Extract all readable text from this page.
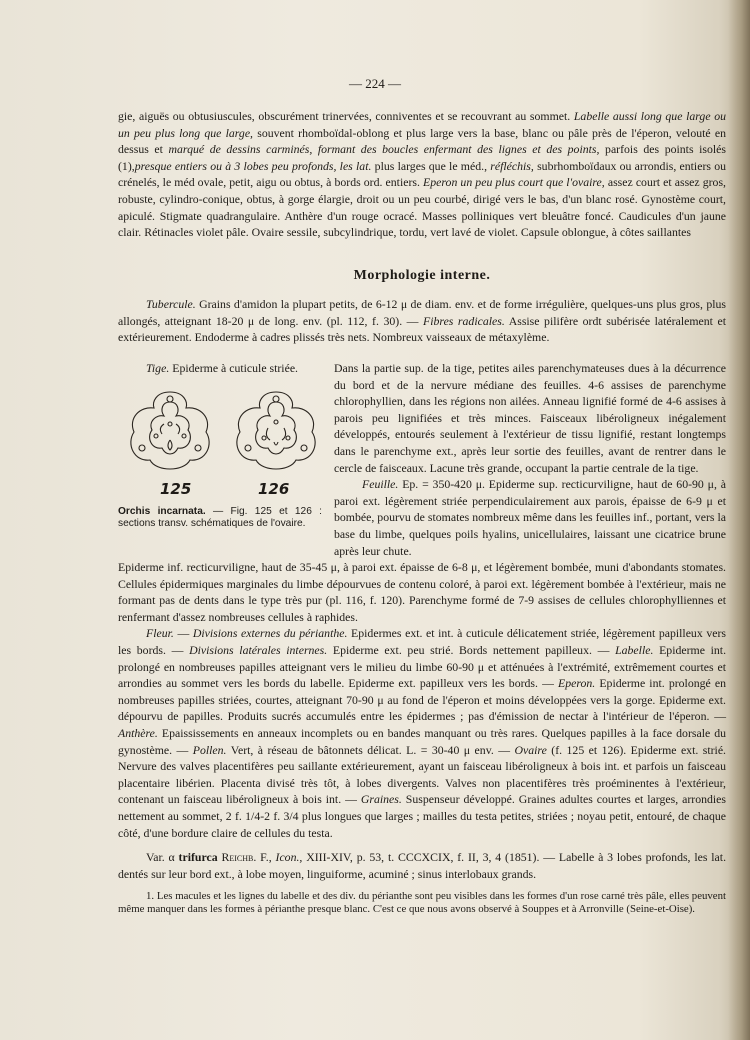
— 224 —

gie, aiguës ou obtusiuscules, obscurément trinervées, conniventes et se recouvrant au sommet. Labelle aussi long que large ou un peu plus long que large, souvent rhomboïdal-oblong et plus large vers la base, blanc ou pâle près de l'éperon, velouté en dessus et marqué de dessins carminés, formant des boucles enfermant des lignes et des points, parfois des points isolés (1),presque entiers ou à 3 lobes peu profonds, les lat. plus larges que le méd., réfléchis, subrhomboïdaux ou arrondis, entiers ou crénelés, le méd ovale, petit, aigu ou obtus, à bords ord. entiers. Eperon un peu plus court que l'ovaire, assez court et assez gros, robuste, cylindro-conique, obtus, à gorge élargie, droit ou un peu courbé, dirigé vers le bas, d'un blanc rosé. Gynostème court, apiculé. Stigmate quadrangulaire. Anthère d'un rouge ocracé. Masses polliniques vert bleuâtre foncé. Caudicules d'un jaune clair. Rétinacles violet pâle. Ovaire sessile, subcylindrique, tordu, vert lavé de violet. Capsule oblongue, à côtes saillantes

Morphologie interne.

Tubercule. Grains d'amidon la plupart petits, de 6-12 μ de diam. env. et de forme irrégulière, quelques-uns plus gros, plus allongés, atteignant 18-20 μ de long. env. (pl. 112, f. 30). — Fibres radicales. Assise pilifère ordt subérisée latéralement et extérieurement. Endoderme à cadres plissés très nets. Nombreux vaisseaux de métaxylème.

Tige. Epiderme à cuticule striée.
125	126
Orchis incarnata. — Fig. 125 et 126 : sections transv. schématiques de l'ovaire.

Dans la partie sup. de la tige, petites ailes parenchymateuses dues à la décurrence du bord et de la nervure médiane des feuilles. 4-6 assises de parenchyme chlorophyllien, dans les régions non ailées. Anneau lignifié formé de 4-6 assises à parois peu lignifiées et très minces. Faisceaux libéroligneux inégalement développés, entourés seulement à l'extérieur de tissu lignifié, restant longtemps dans le parenchyme ext., après leur sortie des feuilles, avant de rentrer dans le cercle de faisceaux. Lacune très grande, occupant la partie centrale de la tige.

Feuille. Ep. = 350-420 μ. Epiderme sup. recticurviligne, haut de 60-90 μ, à paroi ext. légèrement striée perpendiculairement aux parois, épaisse de 6-9 μ et bombée, pourvu de stomates nombreux même dans les feuilles inf., portant, vers la base du limbe, quelques poils hyalins, unicellulaires, laissant une cicatrice brune après leur chute.

Epiderme inf. recticurviligne, haut de 35-45 μ, à paroi ext. épaisse de 6-8 μ, et légèrement bombée, muni d'abondants stomates. Cellules épidermiques marginales du limbe dépourvues de contenu coloré, à paroi ext. légèrement bombée à l'extérieur, mais ne formant pas de dents dans le type très pur (pl. 116, f. 120). Parenchyme formé de 7-9 assises de cellules chlorophylliennes et renfermant d'assez nombreuses cellules à raphides.

Fleur. — Divisions externes du périanthe. Epidermes ext. et int. à cuticule délicatement striée, légèrement papilleux vers les bords. — Divisions latérales internes. Epiderme ext. peu strié. Bords nettement papilleux. — Labelle. Epiderme int. prolongé en nombreuses papilles atteignant vers le milieu du limbe 60-90 μ et atténuées à l'extrémité, extrêmement courtes et arrondies au sommet vers les bords du labelle. Epiderme ext. papilleux vers les bords. — Eperon. Epiderme int. prolongé en nombreuses papilles striées, courtes, atteignant 70-90 μ au fond de l'éperon et moins développées vers la gorge. Epiderme ext. dépourvu de papilles. Produits sucrés accumulés entre les épidermes ; pas d'émission de nectar à l'intérieur de l'éperon. — Anthère. Epaississements en anneaux incomplets ou en bandes manquant ou très rares. Quelques papilles à la face dorsale du gynostème. — Pollen. Vert, à réseau de bâtonnets délicat. L. = 30-40 μ env. — Ovaire (f. 125 et 126). Epiderme ext. strié. Nervure des valves placentifères peu saillante extérieurement, ayant un faisceau libéroligneux à bois int. et parfois un faisceau placentaire libérien. Placenta divisé très tôt, à lobes divergents. Valves non placentifères très proéminentes à l'extérieur, contenant un faisceau libéroligneux à bois int. — Graines. Suspenseur développé. Graines adultes courtes et larges, arrondies nettement au sommet, 2 f. 1/4-2 f. 3/4 plus longues que larges ; mailles du testa petites, striées ; noyau petit, entouré, de chaque côté, d'une bordure claire de cellules du testa.

Var. α trifurca Reichb. F., Icon., XIII-XIV, p. 53, t. CCCXCIX, f. II, 3, 4 (1851). — Labelle à 3 lobes profonds, les lat. dentés sur leur bord ext., à lobe moyen, linguiforme, acuminé ; sinus interlobaux grands.

1. Les macules et les lignes du labelle et des div. du périanthe sont peu visibles dans les formes d'un rose carné très pâle, elles peuvent même manquer dans les formes à périanthe presque blanc. C'est ce que nous avons observé à Souppes et à Arronville (Seine-et-Oise).
